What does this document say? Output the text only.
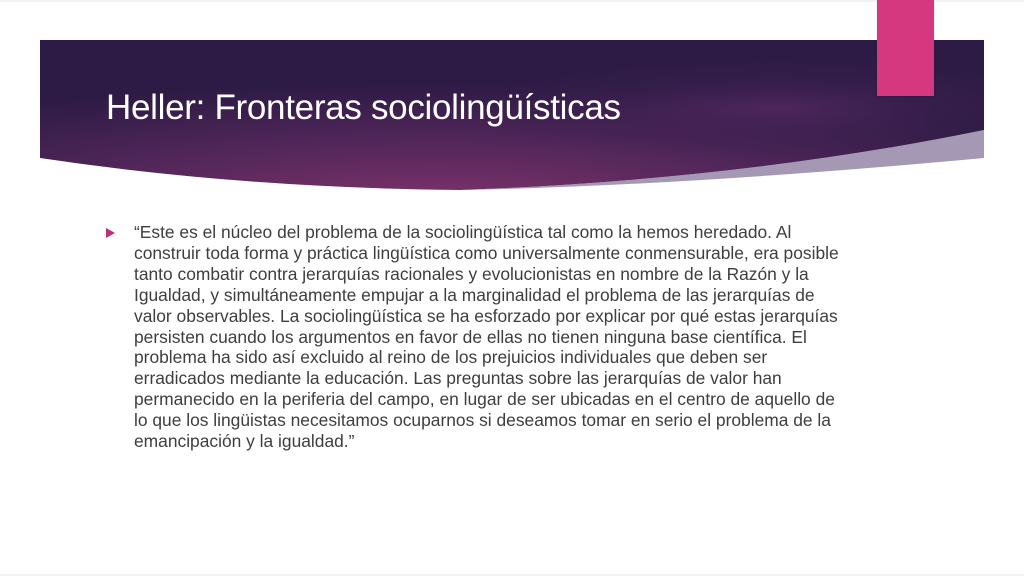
Heller: Fronteras sociolingüísticas

“Este es el núcleo del problema de la sociolingüística tal como la hemos heredado. Al construir toda forma y práctica lingüística como universalmente conmensurable, era posible tanto combatir contra jerarquías racionales y evolucionistas en nombre de la Razón y la Igualdad, y simultáneamente empujar a la marginalidad el problema de las jerarquías de valor observables. La sociolingüística se ha esforzado por explicar por qué estas jerarquías persisten cuando los argumentos en favor de ellas no tienen ninguna base científica. El problema ha sido así excluido al reino de los prejuicios individuales que deben ser erradicados mediante la educación. Las preguntas sobre las jerarquías de valor han permanecido en la periferia del campo, en lugar de ser ubicadas en el centro de aquello de lo que los lingüistas necesitamos ocuparnos si deseamos tomar en serio el problema de la emancipación y la igualdad.”
